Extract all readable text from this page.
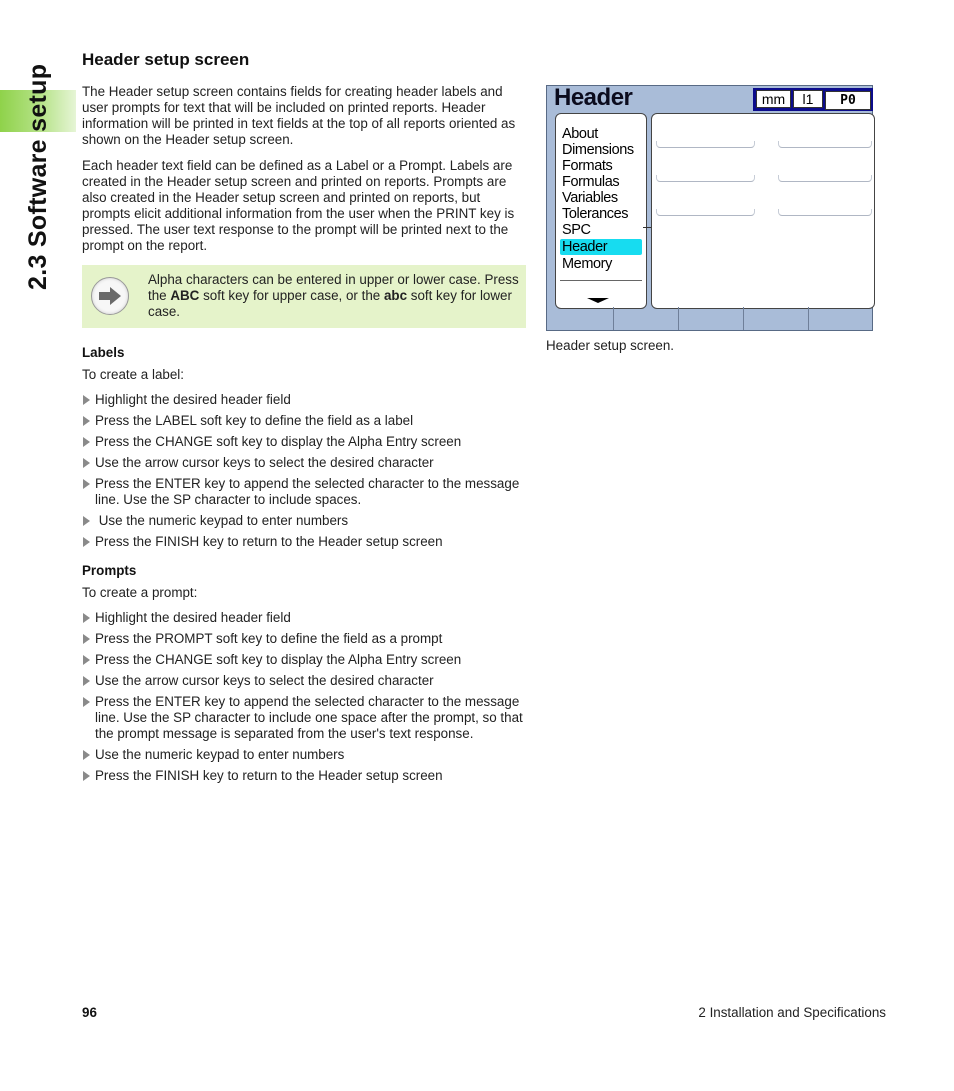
2.3 Software setup
Header setup screen

The Header setup screen contains fields for creating header labels and user prompts for text that will be included on printed reports. Header information will be printed in text fields at the top of all reports oriented as shown on the Header setup screen.

Each header text field can be defined as a Label or a Prompt. Labels are created in the Header setup screen and printed on reports. Prompts are also created in the Header setup screen and printed on reports, but prompts elicit additional information from the user when the PRINT key is pressed. The user text response to the prompt will be printed next to the prompt on the report.

Alpha characters can be entered in upper or lower case. Press the ABC soft key for upper case, or the abc soft key for lower case.
Labels

To create a label:

Highlight the desired header field
Press the LABEL soft key to define the field as a label
Press the CHANGE soft key to display the Alpha Entry screen
Use the arrow cursor keys to select the desired character
Press the ENTER key to append the selected character to the message line. Use the SP character to include spaces.
Use the numeric keypad to enter numbers
Press the FINISH key to return to the Header setup screen
Prompts

To create a prompt:

Highlight the desired header field
Press the PROMPT soft key to define the field as a prompt
Press the CHANGE soft key to display the Alpha Entry screen
Use the arrow cursor keys to select the desired character
Press the ENTER key to append the selected character to the message line. Use the SP character to include one space after the prompt, so that the prompt message is separated from the user's text response.
Use the numeric keypad to enter numbers
Press the FINISH key to return to the Header setup screen
Header	mm	l1	P0
About
Dimensions
Formats
Formulas
Variables
Tolerances
SPC
Header
Memory
Header setup screen.
96	2 Installation and Specifications
